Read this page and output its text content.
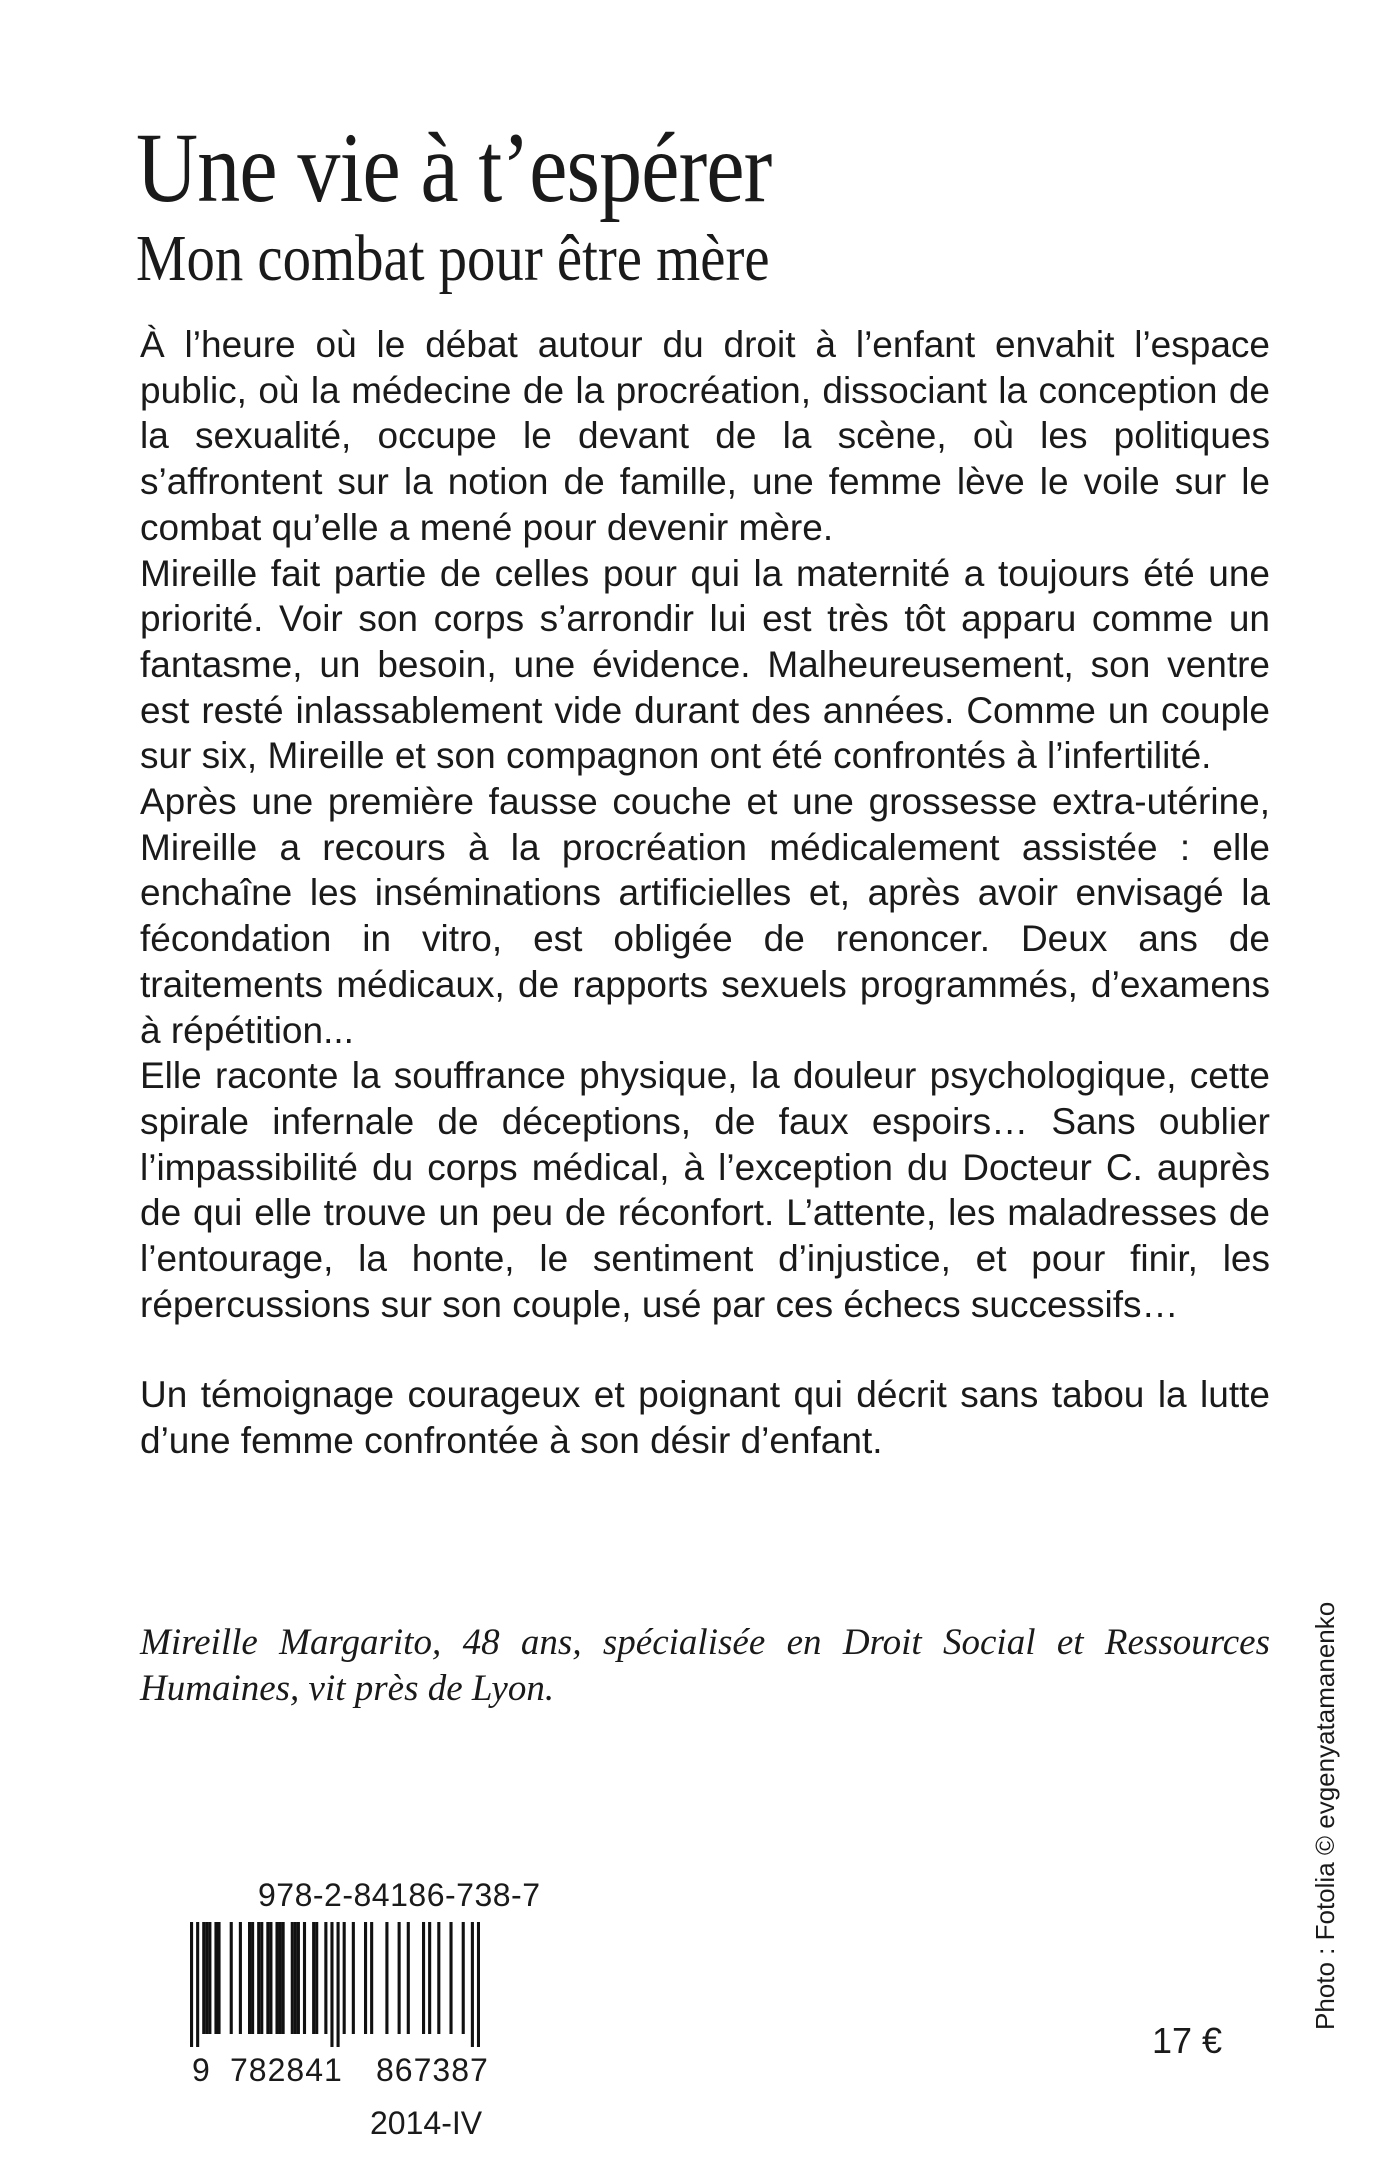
Une vie à t’espérer
Mon combat pour être mère

À l’heure où le débat autour du droit à l’enfant envahit l’espace public, où la médecine de la procréation, dissociant la conception de la sexualité, occupe le devant de la scène, où les politiques s’affrontent sur la notion de famille, une femme lève le voile sur le combat qu’elle a mené pour devenir mère.

Mireille fait partie de celles pour qui la maternité a toujours été une priorité. Voir son corps s’arrondir lui est très tôt apparu comme un fantasme, un besoin, une évidence. Malheureusement, son ventre est resté inlassablement vide durant des années. Comme un couple sur six, Mireille et son compagnon ont été confrontés à l’infertilité.

Après une première fausse couche et une grossesse extra-utérine, Mireille a recours à la procréation médicalement assistée : elle enchaîne les inséminations artificielles et, après avoir envisagé la fécondation in vitro, est obligée de renoncer. Deux ans de traitements médicaux, de rapports sexuels programmés, d’examens à répétition...

Elle raconte la souffrance physique, la douleur psychologique, cette spirale infernale de déceptions, de faux espoirs… Sans oublier l’impassibilité du corps médical, à l’exception du Docteur C. auprès de qui elle trouve un peu de réconfort. L’attente, les maladresses de l’entourage, la honte, le sentiment d’injustice, et pour finir, les répercussions sur son couple, usé par ces échecs successifs…

Un témoignage courageux et poignant qui décrit sans tabou la lutte d’une femme confrontée à son désir d’enfant.

Mireille Margarito, 48 ans, spécialisée en Droit Social et Ressources Humaines, vit près de Lyon.	Photo : Fotolia © evgenyatamanenko
978-2-84186-738-7
9 782841 867387
2014-IV
17 €
